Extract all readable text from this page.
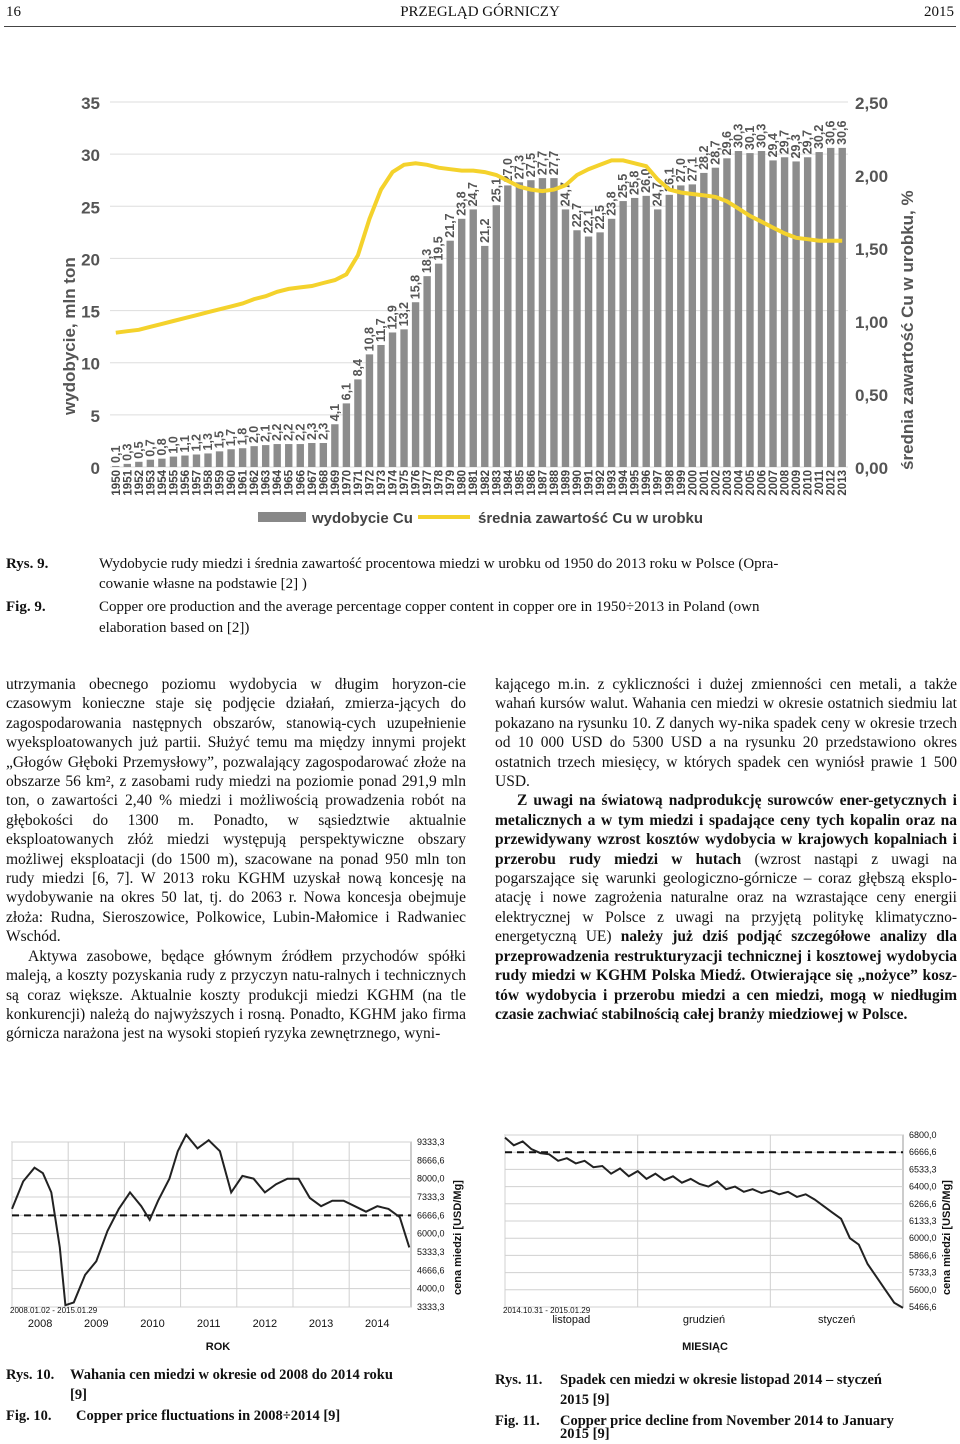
16	PRZEGLĄD GÓRNICZY	2015
0,1
0,3
0,5
0,7
0,8
1,0
1,1
1,2
1,3
1,5
1,7
1,8
2,0
2,1
2,2
2,2
2,2
2,3
2,3
4,1
6,1
8,4
10,8
11,7
12,9
13,2
15,8
18,3
19,5
21,7
23,8
24,7
21,2
25,1
27,0
27,3
27,5
27,7
27,7
24,7
22,7
22,1
22,5
23,8
25,5
25,8
26,0
24,7
26,1
27,0
27,1
28,2
28,7
29,6
30,3
30,1
30,3
29,4
29,7
29,3
29,7
30,2
30,6
30,6
1950 1951 1952 1953 1954 1955 1956 1957 1958 1959 1960 1961 1962 1963 1964 1965 1966 1967 1968 1969 1970 1971 1972 1973 1974 1975 1976 1977 1978 1979 1980 1981 1982 1983 1984 1985 1986 1987 1988 1989 1990 1991 1992 1993 1994 1995 1996 1997 1998 1999 2000 2001 2002 2003 2004 2005 2006 2007 2008 2009 2010 2011 2012 2013
0
5
10
15
20
25
30
35
0,00
0,50
1,00
1,50
2,00
2,50
wydobycie, mln ton	średnia zawartość Cu w urobku, %
wydobycie Cu	średnia zawartość Cu w urobku
Rys. 9.	Wydobycie rudy miedzi i średnia zawartość procentowa miedzi w urobku od 1950 do 2013 roku w Polsce (Opra-
cowanie własne na podstawie [2] )
Fig. 9.	Copper ore production and the average percentage copper content in copper ore in 1950÷2013 in Poland (own
elaboration based on [2])

utrzymania obecnego poziomu wydobycia w długim horyzon-cie czasowym konieczne staje się podjęcie działań, zmierza-jących do zagospodarowania następnych obszarów, stanowią-cych uzupełnienie wyeksploatowanych już partii. Służyć temu ma między innymi projekt „Głogów Głęboki Przemysłowy”, pozwalający zagospodarować złoże na obszarze 56 km², z zasobami rudy miedzi na poziomie ponad 291,9 mln ton, o zawartości 2,40 % miedzi i możliwością prowadzenia robót na głębokości do 1300 m. Ponadto, w sąsiedztwie aktualnie eksploatowanych złóż miedzi występują perspektywiczne obszary możliwej eksploatacji (do 1500 m), szacowane na ponad 950 mln ton rudy miedzi [6, 7]. W 2013 roku KGHM uzyskał nową koncesję na wydobywanie na okres 50 lat, tj. do 2063 r. Nowa koncesja obejmuje złoża: Rudna, Sieroszowice, Polkowice, Lubin-Małomice i Radwaniec Wschód.

Aktywa zasobowe, będące głównym źródłem przychodów spółki maleją, a koszty pozyskania rudy z przyczyn natu-ralnych i technicznych są coraz większe. Aktualnie koszty produkcji miedzi KGHM (na tle konkurencji) należą do najwyższych i rosną. Ponadto, KGHM jako firma górnicza narażona jest na wysoki stopień ryzyka zewnętrznego, wyni-

kającego m.in. z cykliczności i dużej zmienności cen metali, a także wahań kursów walut. Wahania cen miedzi w okresie ostatnich siedmiu lat pokazano na rysunku 10. Z danych wy-nika spadek ceny w okresie trzech od 10 000 USD do 5300 USD a na rysunku 20 przedstawiono okres ostatnich trzech miesięcy, w których spadek cen wyniósł prawie 1 500 USD.

Z uwagi na światową nadprodukcję surowców ener-getycznych i metalicznych a w tym miedzi i spadające ceny tych kopalin oraz na przewidywany wzrost kosztów wydobycia w krajowych kopalniach i przerobu rudy miedzi w hutach (wzrost nastąpi z uwagi na pogarszające się warunki geologiczno-górnicze – coraz głębszą eksplo-atację i nowe zagrożenia naturalne oraz na wzrastające ceny energii elektrycznej w Polsce z uwagi na przyjętą politykę klimatyczno-energetyczną UE) należy już dziś podjąć szczegółowe analizy dla przeprowadzenia restrukturyzacji technicznej i kosztowej wydobycia rudy miedzi w KGHM Polska Miedź. Otwierające się „nożyce” kosz-tów wydobycia i przerobu miedzi a cen miedzi, mogą w niedługim czasie zachwiać stabilnością całej branży miedziowej w Polsce.

3333,3
4000,0
4666,6
5333,3
6000,0
6666,6
7333,3
8000,0
8666,6
9333,3
2008	2009	2010	2011	2012	2013	2014
2008.01.02 - 2015.01.29
ROK
cena miedzi [USD/Mg]
5466,6
5600,0
5733,3
5866,6
6000,0
6133,3
6266,6
6400,0
6533,3
6666,6
6800,0
listopad	grudzień	styczeń
2014.10.31 - 2015.01.29
MIESIĄC
cena miedzi [USD/Mg]
Rys. 10. Wahania cen miedzi w okresie od 2008 do 2014 roku
[9]
Fig. 10. Copper price fluctuations in 2008÷2014 [9]
Rys. 11. Spadek cen miedzi w okresie listopad 2014 – styczeń
2015 [9]
Fig. 11. Copper price decline from November 2014 to January
2015 [9]
